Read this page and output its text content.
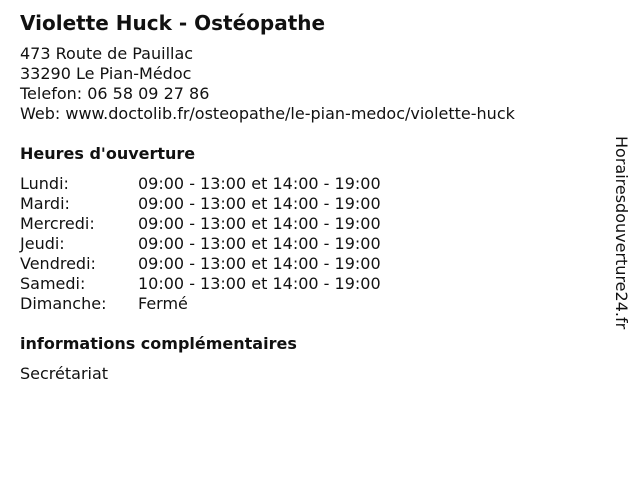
Violette Huck - Ostéopathe
473 Route de Pauillac
33290 Le Pian-Médoc
Telefon: 06 58 09 27 86
Web: www.doctolib.fr/osteopathe/le-pian-medoc/violette-huck
Heures d'ouverture
Lundi:	09:00 - 13:00 et 14:00 - 19:00
Mardi:	09:00 - 13:00 et 14:00 - 19:00
Mercredi:	09:00 - 13:00 et 14:00 - 19:00
Jeudi:	09:00 - 13:00 et 14:00 - 19:00
Vendredi:	09:00 - 13:00 et 14:00 - 19:00
Samedi:	10:00 - 13:00 et 14:00 - 19:00
Dimanche:	Fermé
informations complémentaires
Secrétariat
Horairesdouverture24.fr
